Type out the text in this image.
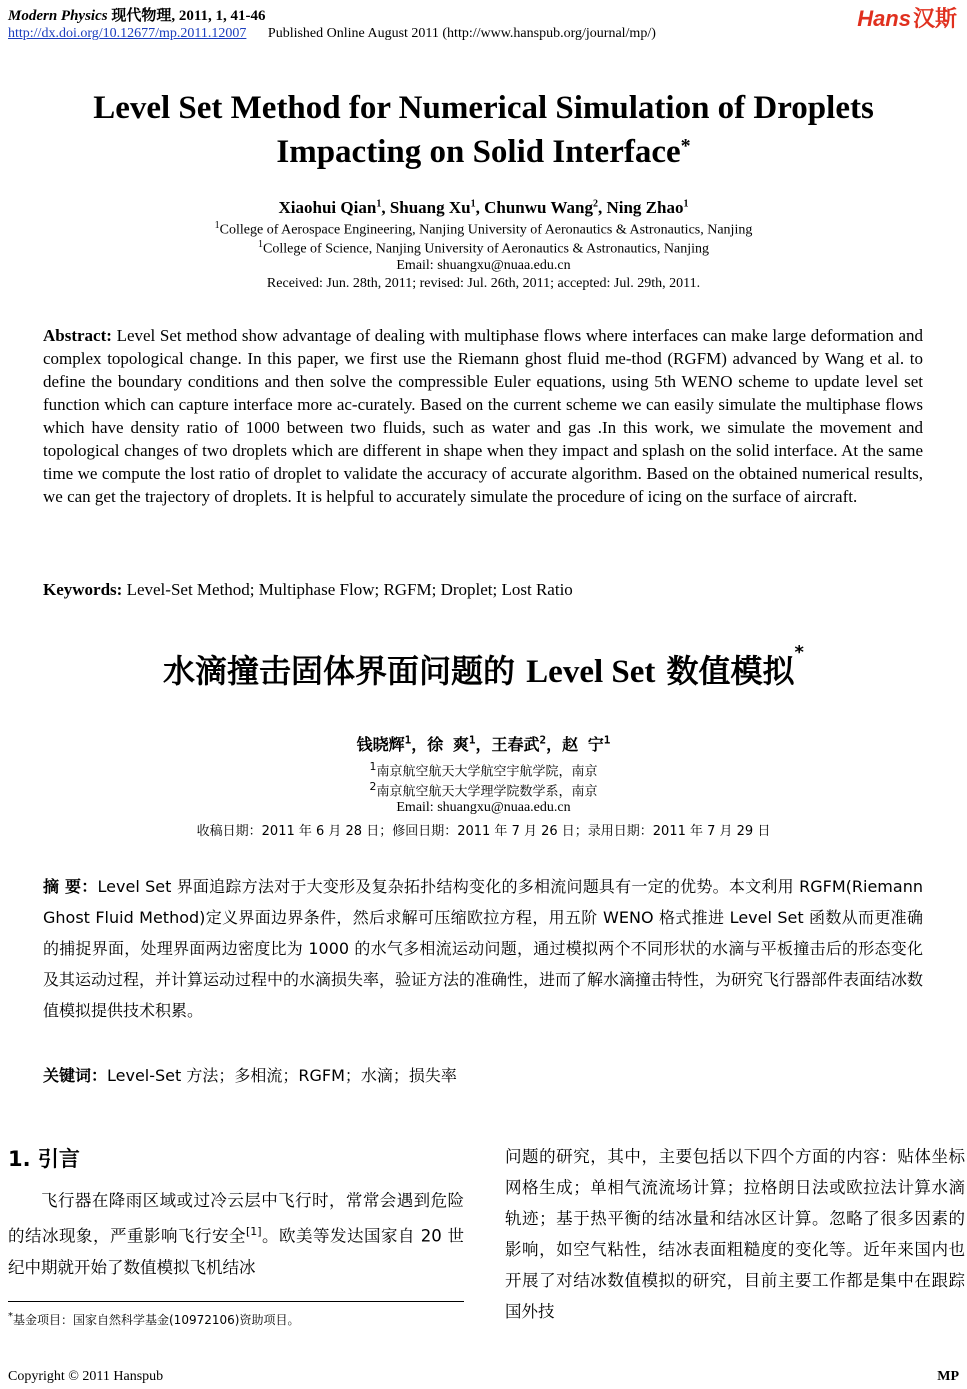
Modern Physics 现代物理, 2011, 1, 41-46
http://dx.doi.org/10.12677/mp.2011.12007 Published Online August 2011 (http://www.hanspub.org/journal/mp/)
Hans汉斯
Level Set Method for Numerical Simulation of Droplets
Impacting on Solid Interface*
Xiaohui Qian$^1$, Shuang Xu$^1$, Chunwu Wang$^2$, Ning Zhao$^1$
$^1$College of Aerospace Engineering, Nanjing University of Aeronautics & Astronautics, Nanjing
$^1$College of Science, Nanjing University of Aeronautics & Astronautics, Nanjing
Email: shuangxu@nuaa.edu.cn
Received: Jun. 28th, 2011; revised: Jul. 26th, 2011; accepted: Jul. 29th, 2011.
Abstract: Level Set method show advantage of dealing with multiphase flows where interfaces can make large deformation and complex topological change. In this paper, we first use the Riemann ghost fluid me-thod (RGFM) advanced by Wang et al. to define the boundary conditions and then solve the compressible Euler equations, using 5th WENO scheme to update level set function which can capture interface more ac-curately. Based on the current scheme we can easily simulate the multiphase flows which have density ratio of 1000 between two fluids, such as water and gas .In this work, we simulate the movement and topological changes of two droplets which are different in shape when they impact and splash on the solid interface. At the same time we compute the lost ratio of droplet to validate the accuracy of accurate algorithm. Based on the obtained numerical results, we can get the trajectory of droplets. It is helpful to accurately simulate the procedure of icing on the surface of aircraft.
Keywords: Level-Set Method; Multiphase Flow; RGFM; Droplet; Lost Ratio
水滴撞击固体界面问题的 Level Set 数值模拟*
钱晓辉$^1$，徐 爽$^1$，王春武$^2$，赵 宁$^1$
$^1$南京航空航天大学航空宇航学院，南京
$^2$南京航空航天大学理学院数学系，南京
Email: shuangxu@nuaa.edu.cn
收稿日期：2011 年 6 月 28 日；修回日期：2011 年 7 月 26 日；录用日期：2011 年 7 月 29 日
摘 要：Level Set 界面追踪方法对于大变形及复杂拓扑结构变化的多相流问题具有一定的优势。本文利用 RGFM(Riemann Ghost Fluid Method)定义界面边界条件，然后求解可压缩欧拉方程，用五阶 WENO 格式推进 Level Set 函数从而更准确的捕捉界面，处理界面两边密度比为 1000 的水气多相流运动问题，通过模拟两个不同形状的水滴与平板撞击后的形态变化及其运动过程，并计算运动过程中的水滴损失率，验证方法的准确性，进而了解水滴撞击特性，为研究飞行器部件表面结冰数值模拟提供技术积累。
关键词：Level-Set 方法；多相流；RGFM；水滴；损失率
1. 引言
飞行器在降雨区域或过冷云层中飞行时，常常会遇到危险的结冰现象，严重影响飞行安全[1]。欧美等发达国家自 20 世纪中期就开始了数值模拟飞机结冰
问题的研究，其中，主要包括以下四个方面的内容：贴体坐标网格生成；单相气流流场计算；拉格朗日法或欧拉法计算水滴轨迹；基于热平衡的结冰量和结冰区计算。忽略了很多因素的影响，如空气粘性，结冰表面粗糙度的变化等。近年来国内也开展了对结冰数值模拟的研究，目前主要工作都是集中在跟踪国外技
*基金项目：国家自然科学基金(10972106)资助项目。
Copyright © 2011 Hanspub	MP
